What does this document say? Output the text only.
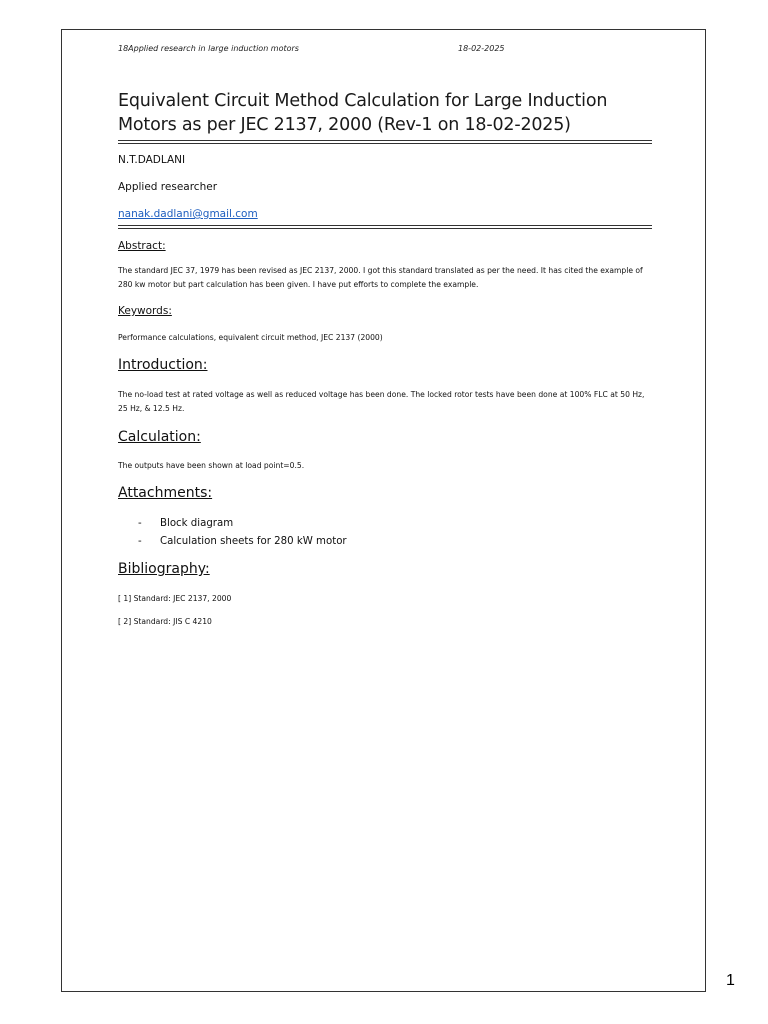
18Applied research in large induction motors	18-02-2025
Equivalent Circuit Method Calculation for Large Induction Motors as per JEC 2137, 2000 (Rev-1 on 18-02-2025)
N.T.DADLANI
Applied researcher
nanak.dadlani@gmail.com
Abstract:
The standard JEC 37, 1979 has been revised as JEC 2137, 2000. I got this standard translated as per the need. It has cited the example of 280 kw motor but part calculation has been given. I have put efforts to complete the example.
Keywords:
Performance calculations, equivalent circuit method, JEC 2137 (2000)
Introduction:
The no-load test at rated voltage as well as reduced voltage has been done. The locked rotor tests have been done at 100% FLC at 50 Hz, 25 Hz, & 12.5 Hz.
Calculation:
The outputs have been shown at load point=0.5.
Attachments:
- Block diagram
- Calculation sheets for 280 kW motor
Bibliography:
[ 1] Standard: JEC 2137, 2000
[ 2] Standard: JIS C 4210
1
